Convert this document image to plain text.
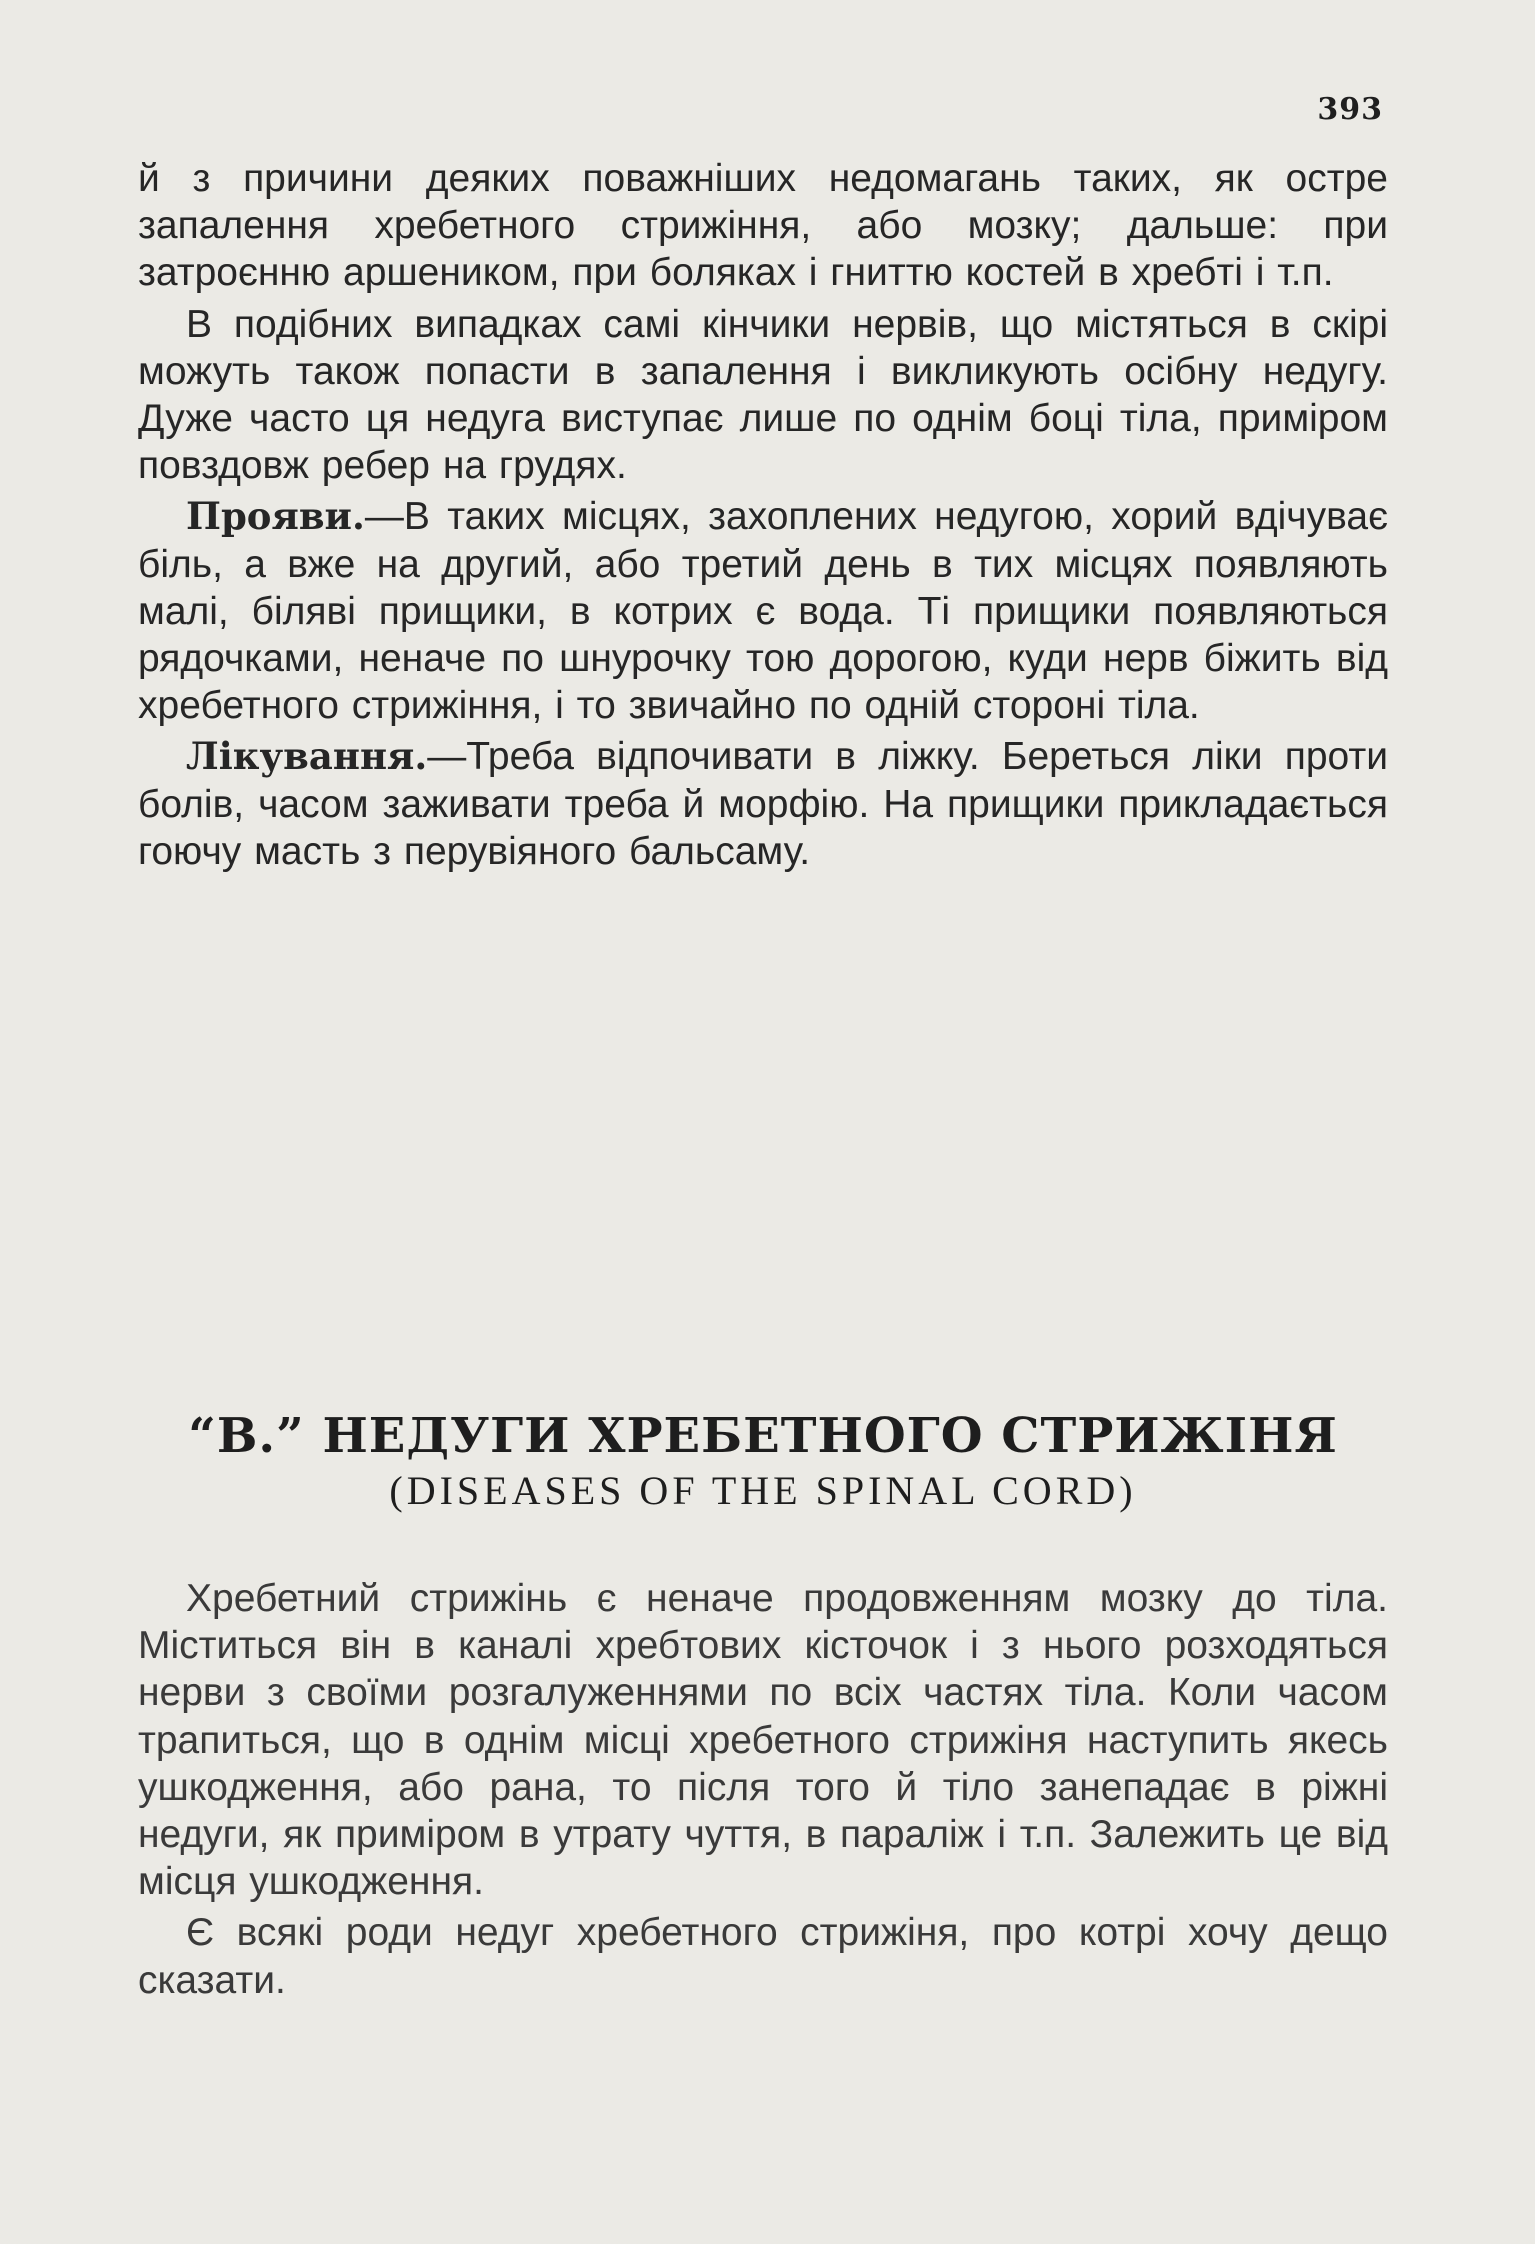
393

й з причини деяких поважніших недомагань таких, як остре запалення хребетного стрижіння, або мозку; дальше: при затроєнню аршеником, при боляках і гниттю костей в хребті і т.п.

В подібних випадках самі кінчики нервів, що містяться в скірі можуть також попасти в запалення і викликують осібну недугу. Дуже часто ця недуга виступає лише по однім боці тіла, приміром повздовж ребер на грудях.

Прояви.—В таких місцях, захоплених недугою, хорий вдічуває біль, а вже на другий, або третий день в тих місцях появляють малі, біляві прищики, в котрих є вода. Ті прищики появляються рядочками, неначе по шнурочку тою дорогою, куди нерв біжить від хребетного стрижіння, і то звичайно по одній стороні тіла.

Лікування.—Треба відпочивати в ліжку. Береться ліки проти болів, часом заживати треба й морфію. На прищики прикладається гоючу масть з перувіяного бальсаму.

“В.” НЕДУГИ ХРЕБЕТНОГО СТРИЖІНЯ
(DISEASES OF THE SPINAL CORD)

Хребетний стрижінь є неначе продовженням мозку до тіла. Міститься він в каналі хребтових кісточок і з нього розходяться нерви з своїми розгалуженнями по всіх частях тіла. Коли часом трапиться, що в однім місці хребетного стрижіня наступить якесь ушкодження, або рана, то після того й тіло занепадає в ріжні недуги, як приміром в утрату чуття, в параліж і т.п. Залежить це від місця ушкодження.

Є всякі роди недуг хребетного стрижіня, про котрі хочу дещо сказати.
